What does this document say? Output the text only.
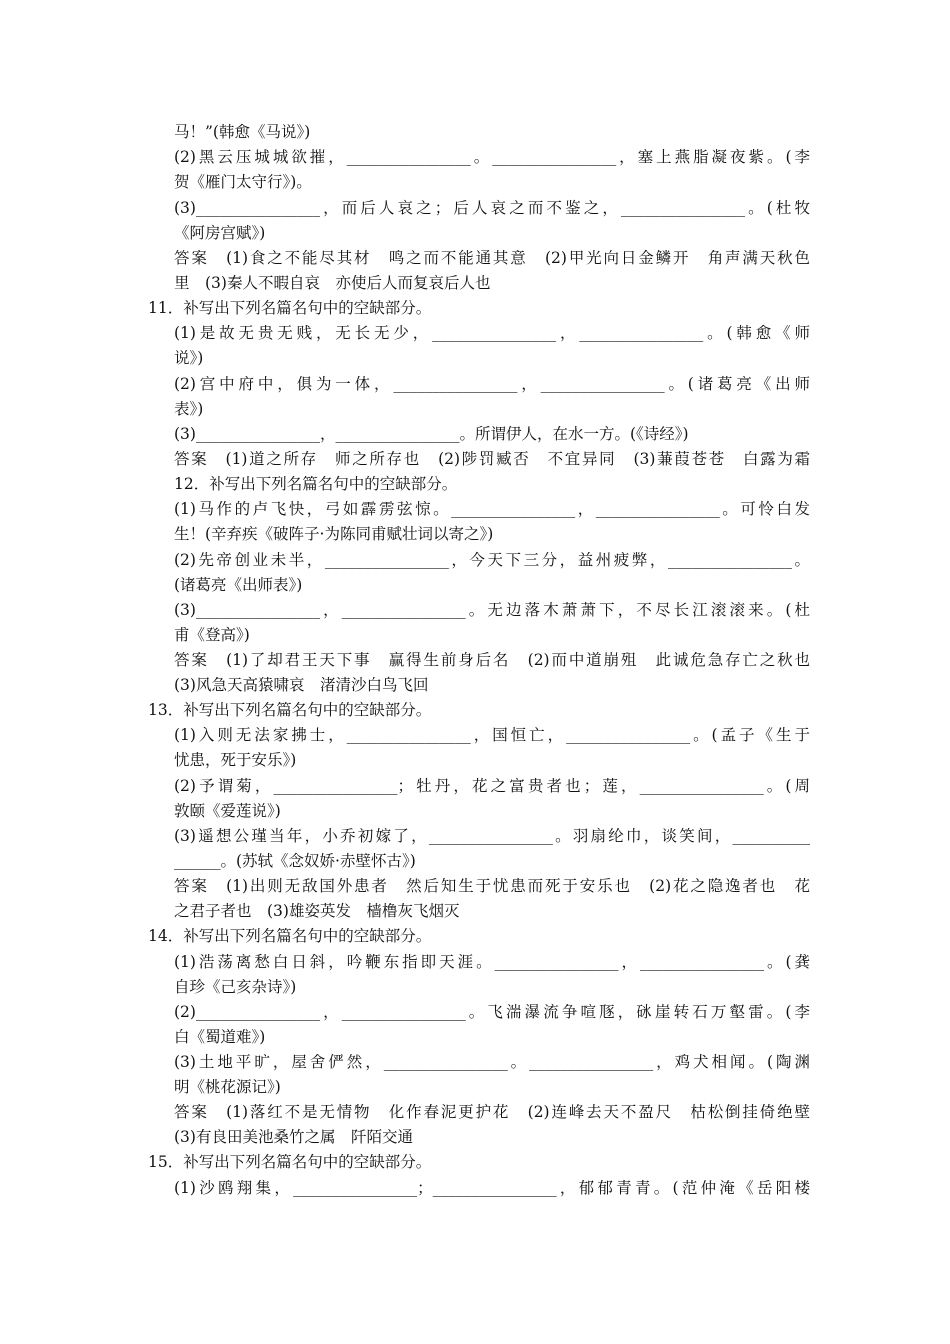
马！”(韩愈《马说》)
(2)黑云压城城欲摧，________________。________________，塞上燕脂凝夜紫。(李
贺《雁门太守行》)。
(3)________________，而后人哀之；后人哀之而不鉴之，________________。(杜牧
《阿房宫赋》)
答案　(1)食之不能尽其材　鸣之而不能通其意　(2)甲光向日金鳞开　角声满天秋色
里　(3)秦人不暇自哀　亦使后人而复哀后人也
11．补写出下列名篇名句中的空缺部分。
(1)是故无贵无贱，无长无少，________________，________________。(韩愈《师
说》)
(2)宫中府中，俱为一体，________________，________________。(诸葛亮《出师
表》)
(3)________________，________________。所谓伊人，在水一方。(《诗经》)
答案　(1)道之所存　师之所存也　(2)陟罚臧否　不宜异同　(3)蒹葭苍苍　白露为霜
12．补写出下列名篇名句中的空缺部分。
(1)马作的卢飞快，弓如霹雳弦惊。________________，________________。可怜白发
生！(辛弃疾《破阵子·为陈同甫赋壮词以寄之》)
(2)先帝创业未半，________________，今天下三分，益州疲弊，________________。
(诸葛亮《出师表》)
(3)________________，________________。无边落木萧萧下，不尽长江滚滚来。(杜
甫《登高》)
答案　(1)了却君王天下事　赢得生前身后名　(2)而中道崩殂　此诚危急存亡之秋也
(3)风急天高猿啸哀　渚清沙白鸟飞回
13．补写出下列名篇名句中的空缺部分。
(1)入则无法家拂士，________________，国恒亡，________________。(孟子《生于
忧患，死于安乐》)
(2)予谓菊，________________；牡丹，花之富贵者也；莲，________________。(周
敦颐《爱莲说》)
(3)遥想公瑾当年，小乔初嫁了，________________。羽扇纶巾，谈笑间，__________
______。(苏轼《念奴娇·赤壁怀古》)
答案　(1)出则无敌国外患者　然后知生于忧患而死于安乐也　(2)花之隐逸者也　花
之君子者也　(3)雄姿英发　樯橹灰飞烟灭
14．补写出下列名篇名句中的空缺部分。
(1)浩荡离愁白日斜，吟鞭东指即天涯。________________，________________。(龚
自珍《己亥杂诗》)
(2)________________，________________。飞湍瀑流争喧豗，砯崖转石万壑雷。(李
白《蜀道难》)
(3)土地平旷，屋舍俨然，________________。________________，鸡犬相闻。(陶渊
明《桃花源记》)
答案　(1)落红不是无情物　化作春泥更护花　(2)连峰去天不盈尺　枯松倒挂倚绝壁
(3)有良田美池桑竹之属　阡陌交通
15．补写出下列名篇名句中的空缺部分。
(1)沙鸥翔集，________________；________________，郁郁青青。(范仲淹《岳阳楼
